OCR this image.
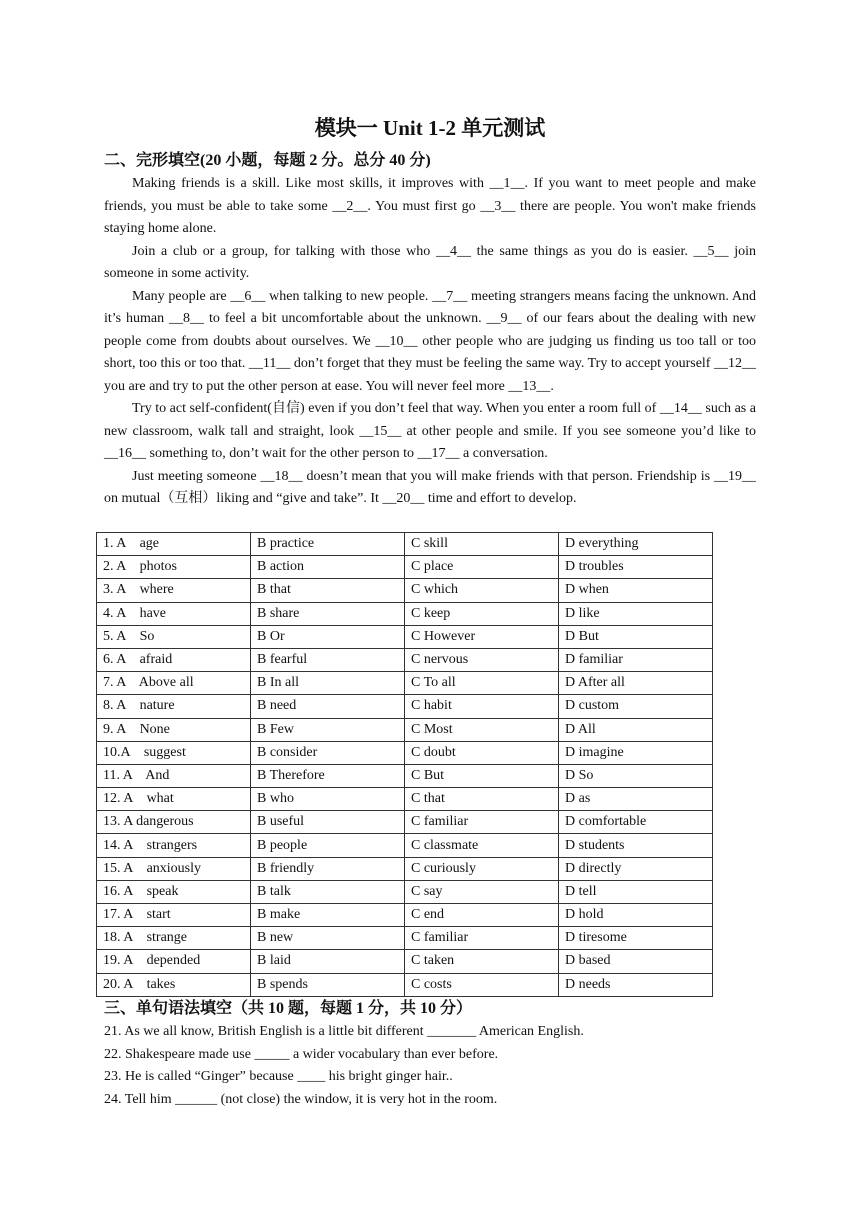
模块一 Unit 1-2 单元测试
二、完形填空(20 小题，每题 2 分。总分 40 分)

Making friends is a skill. Like most skills, it improves with __1__. If you want to meet people and make friends, you must be able to take some __2__. You must first go __3__ there are people. You won't make friends staying home alone.

Join a club or a group, for talking with those who __4__ the same things as you do is easier. __5__ join someone in some activity.

Many people are __6__ when talking to new people. __7__ meeting strangers means facing the unknown. And it’s human __8__ to feel a bit uncomfortable about the unknown. __9__ of our fears about the dealing with new people come from doubts about ourselves. We __10__ other people who are judging us finding us too tall or too short, too this or too that. __11__ don’t forget that they must be feeling the same way. Try to accept yourself __12__ you are and try to put the other person at ease. You will never feel more __13__.

Try to act self-confident(自信) even if you don’t feel that way. When you enter a room full of __14__ such as a new classroom, walk tall and straight, look __15__ at other people and smile. If you see someone you’d like to __16__ something to, don’t wait for the other person to __17__ a conversation.

Just meeting someone __18__ doesn’t mean that you will make friends with that person. Friendship is __19__ on mutual（互相）liking and “give and take”. It __20__ time and effort to develop.

1. A    age	B practice	C skill	D everything
2. A    photos	B action	C place	D troubles
3. A    where	B that	C which	D when
4. A    have	B share	C keep	D like
5. A    So	B Or	C However	D But
6. A    afraid	B fearful	C nervous	D familiar
7. A    Above all	B In all	C To all	D After all
8. A    nature	B need	C habit	D custom
9. A    None	B Few	C Most	D All
10.A    suggest	B consider	C doubt	D imagine
11. A    And	B Therefore	C But	D So
12. A    what	B who	C that	D as
13. A dangerous	B useful	C familiar	D comfortable
14. A    strangers	B people	C classmate	D students
15. A    anxiously	B friendly	C curiously	D directly
16. A    speak	B talk	C say	D tell
17. A    start	B make	C end	D hold
18. A    strange	B new	C familiar	D tiresome
19. A    depended	B laid	C taken	D based
20. A    takes	B spends	C costs	D needs
三、单句语法填空（共 10 题，每题 1 分，共 10 分）
21. As we all know, British English is a little bit different _______ American English.
22. Shakespeare made use _____ a wider vocabulary than ever before.
23. He is called “Ginger” because ____ his bright ginger hair..
24. Tell him ______ (not close) the window, it is very hot in the room.
